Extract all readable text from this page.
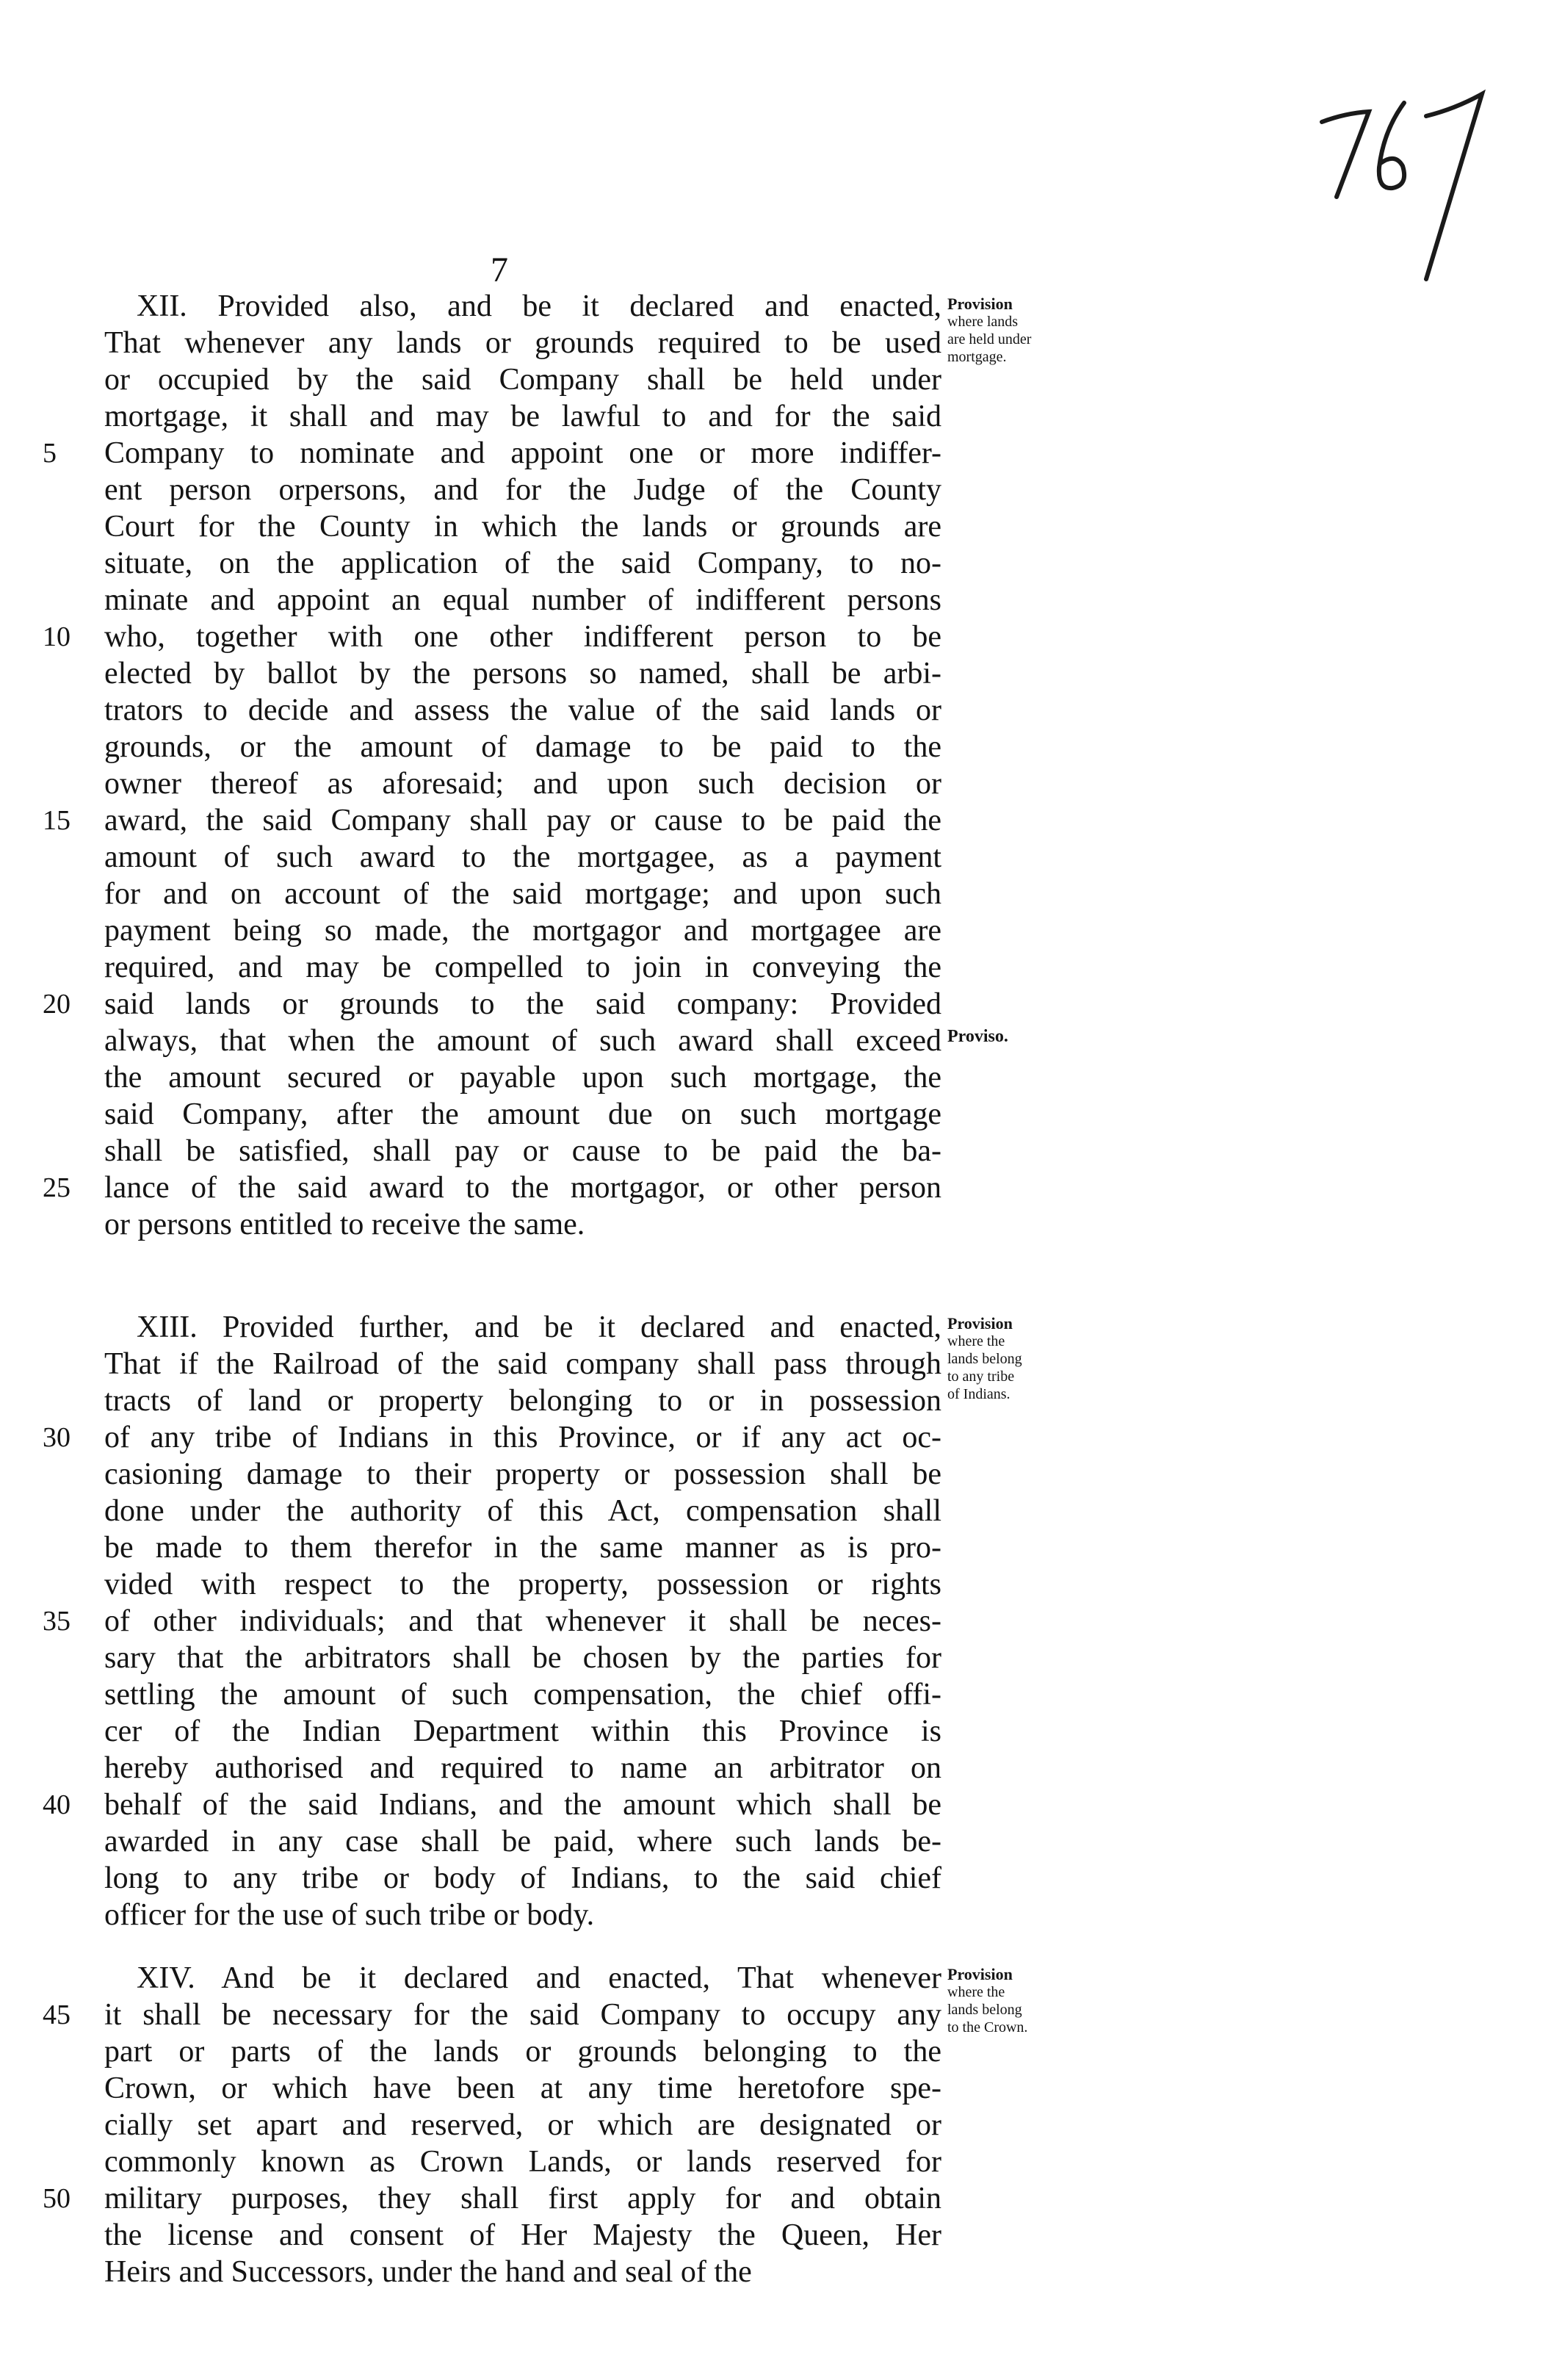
7
XII. Provided also, and be it declared and enacted,
That whenever any lands or grounds required to be used
or occupied by the said Company shall be held under
mortgage, it shall and may be lawful to and for the said
Company to nominate and appoint one or more indiffer-
ent person orpersons, and for the Judge of the County
Court for the County in which the lands or grounds are
situate, on the application of the said Company, to no-
minate and appoint an equal number of indifferent persons
who, together with one other indifferent person to be
elected by ballot by the persons so named, shall be arbi-
trators to decide and assess the value of the said lands or
grounds, or the amount of damage to be paid to the
owner thereof as aforesaid; and upon such decision or
award, the said Company shall pay or cause to be paid the
amount of such award to the mortgagee, as a payment
for and on account of the said mortgage; and upon such
payment being so made, the mortgagor and mortgagee are
required, and may be compelled to join in conveying the
said lands or grounds to the said company: Provided
always, that when the amount of such award shall exceed
the amount secured or payable upon such mortgage, the
said Company, after the amount due on such mortgage
shall be satisfied, shall pay or cause to be paid the ba-
lance of the said award to the mortgagor, or other person
or persons entitled to receive the same.
XIII. Provided further, and be it declared and enacted,
That if the Railroad of the said company shall pass through
tracts of land or property belonging to or in possession
of any tribe of Indians in this Province, or if any act oc-
casioning damage to their property or possession shall be
done under the authority of this Act, compensation shall
be made to them therefor in the same manner as is pro-
vided with respect to the property, possession or rights
of other individuals; and that whenever it shall be neces-
sary that the arbitrators shall be chosen by the parties for
settling the amount of such compensation, the chief offi-
cer of the Indian Department within this Province is
hereby authorised and required to name an arbitrator on
behalf of the said Indians, and the amount which shall be
awarded in any case shall be paid, where such lands be-
long to any tribe or body of Indians, to the said chief
officer for the use of such tribe or body.
XIV. And be it declared and enacted, That whenever
it shall be necessary for the said Company to occupy any
part or parts of the lands or grounds belonging to the
Crown, or which have been at any time heretofore spe-
cially set apart and reserved, or which are designated or
commonly known as Crown Lands, or lands reserved for
military purposes, they shall first apply for and obtain
the license and consent of Her Majesty the Queen, Her
Heirs and Successors, under the hand and seal of the
Provision
where lands
are held under
mortgage.
Proviso.
Provision
where the
lands belong
to any tribe
of Indians.
Provision
where the
lands belong
to the Crown.
5
10
15
20
25
30
35
40
45
50
